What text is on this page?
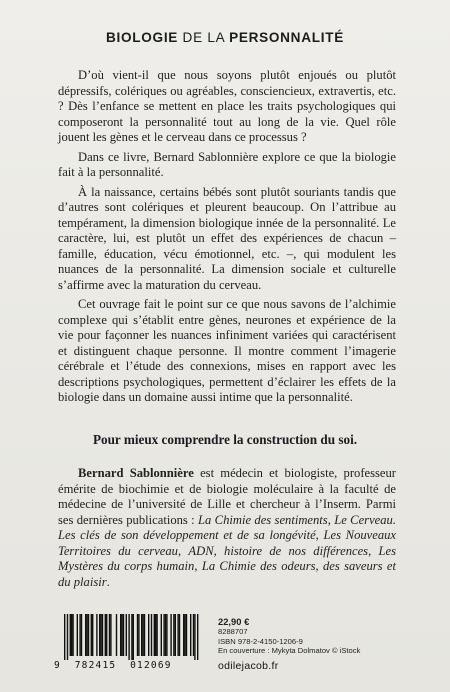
BIOLOGIE DE LA PERSONNALITÉ

D’où vient-il que nous soyons plutôt enjoués ou plutôt dépressifs, colériques ou agréables, consciencieux, extravertis, etc. ? Dès l’enfance se mettent en place les traits psychologiques qui composeront la personnalité tout au long de la vie. Quel rôle jouent les gènes et le cerveau dans ce processus ?

Dans ce livre, Bernard Sablonnière explore ce que la biologie fait à la personnalité.

À la naissance, certains bébés sont plutôt souriants tandis que d’autres sont colériques et pleurent beaucoup. On l’attribue au tempérament, la dimension biologique innée de la personnalité. Le caractère, lui, est plutôt un effet des expériences de chacun – famille, éducation, vécu émotionnel, etc. –, qui modulent les nuances de la personnalité. La dimension sociale et culturelle s’affirme avec la maturation du cerveau.

Cet ouvrage fait le point sur ce que nous savons de l’alchimie complexe qui s’établit entre gènes, neurones et expérience de la vie pour façonner les nuances infiniment variées qui caractérisent et distinguent chaque personne. Il montre comment l’imagerie cérébrale et l’étude des connexions, mises en rapport avec les descriptions psychologiques, permettent d’éclairer les effets de la biologie dans un domaine aussi intime que la personnalité.

Pour mieux comprendre la construction du soi.
Bernard Sablonnière est médecin et biologiste, professeur émérite de biochimie et de biologie moléculaire à la faculté de médecine de l’université de Lille et chercheur à l’Inserm. Parmi ses dernières publications : La Chimie des sentiments, Le Cerveau. Les clés de son développement et de sa longévité, Les Nouveaux Territoires du cerveau, ADN, histoire de nos différences, Les Mystères du corps humain, La Chimie des odeurs, des saveurs et du plaisir.
9 782415 012069
22,90 €
8288707
ISBN 978-2-4150-1206-9
En couverture : Mykyta Dolmatov © iStock
odilejacob.fr
